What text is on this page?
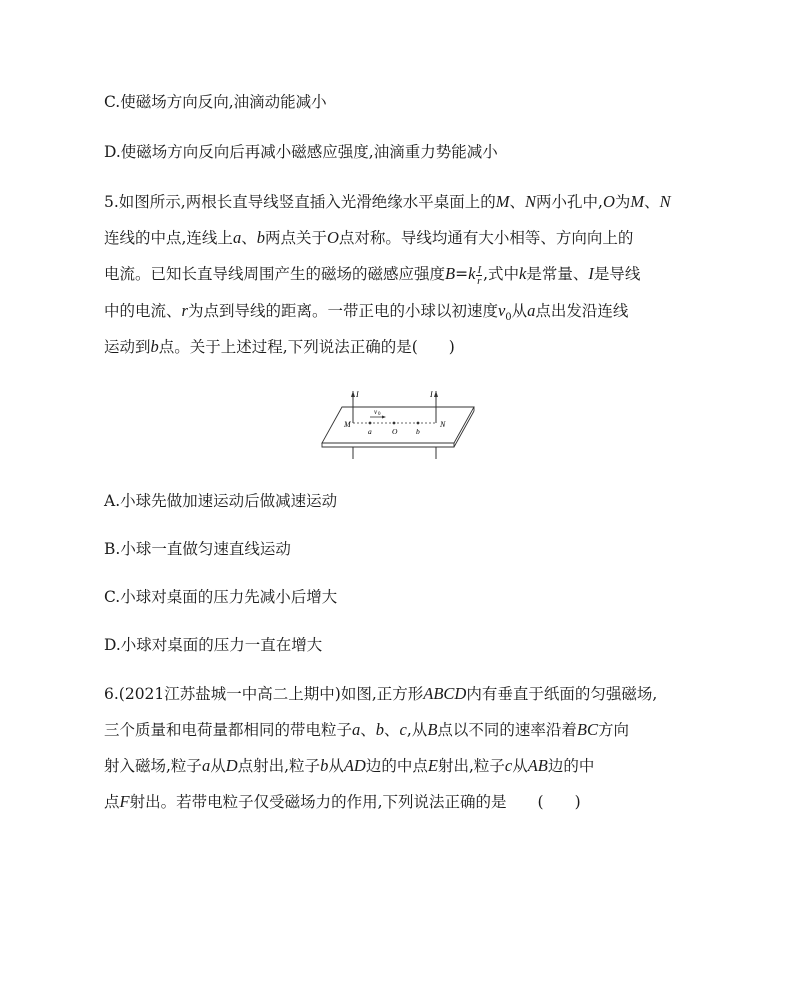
C.使磁场方向反向,油滴动能减小
D.使磁场方向反向后再减小磁感应强度,油滴重力势能减小
5.如图所示,两根长直导线竖直插入光滑绝缘水平桌面上的M、N两小孔中,O为M、N
连线的中点,连线上a、b两点关于O点对称。导线均通有大小相等、方向向上的
电流。已知长直导线周围产生的磁场的磁感应强度$B=k \frac{I}{r}$ ,式中k是常量、I是导线
中的电流、r为点到导线的距离。一带正电的小球以初速度$v_0$从a点出发沿连线
运动到b点。关于上述过程,下列说法正确的是(　　)
I	I
M	N
a	O b
v 0
A.小球先做加速运动后做减速运动
B.小球一直做匀速直线运动
C.小球对桌面的压力先减小后增大
D.小球对桌面的压力一直在增大
6.(2021江苏盐城一中高二上期中)如图,正方形ABCD内有垂直于纸面的匀强磁场,
三个质量和电荷量都相同的带电粒子a、b、c,从B点以不同的速率沿着BC方向
射入磁场,粒子a从D点射出,粒子b从AD边的中点E射出,粒子c从AB边的中
点F射出。若带电粒子仅受磁场力的作用,下列说法正确的是　　(　　)
